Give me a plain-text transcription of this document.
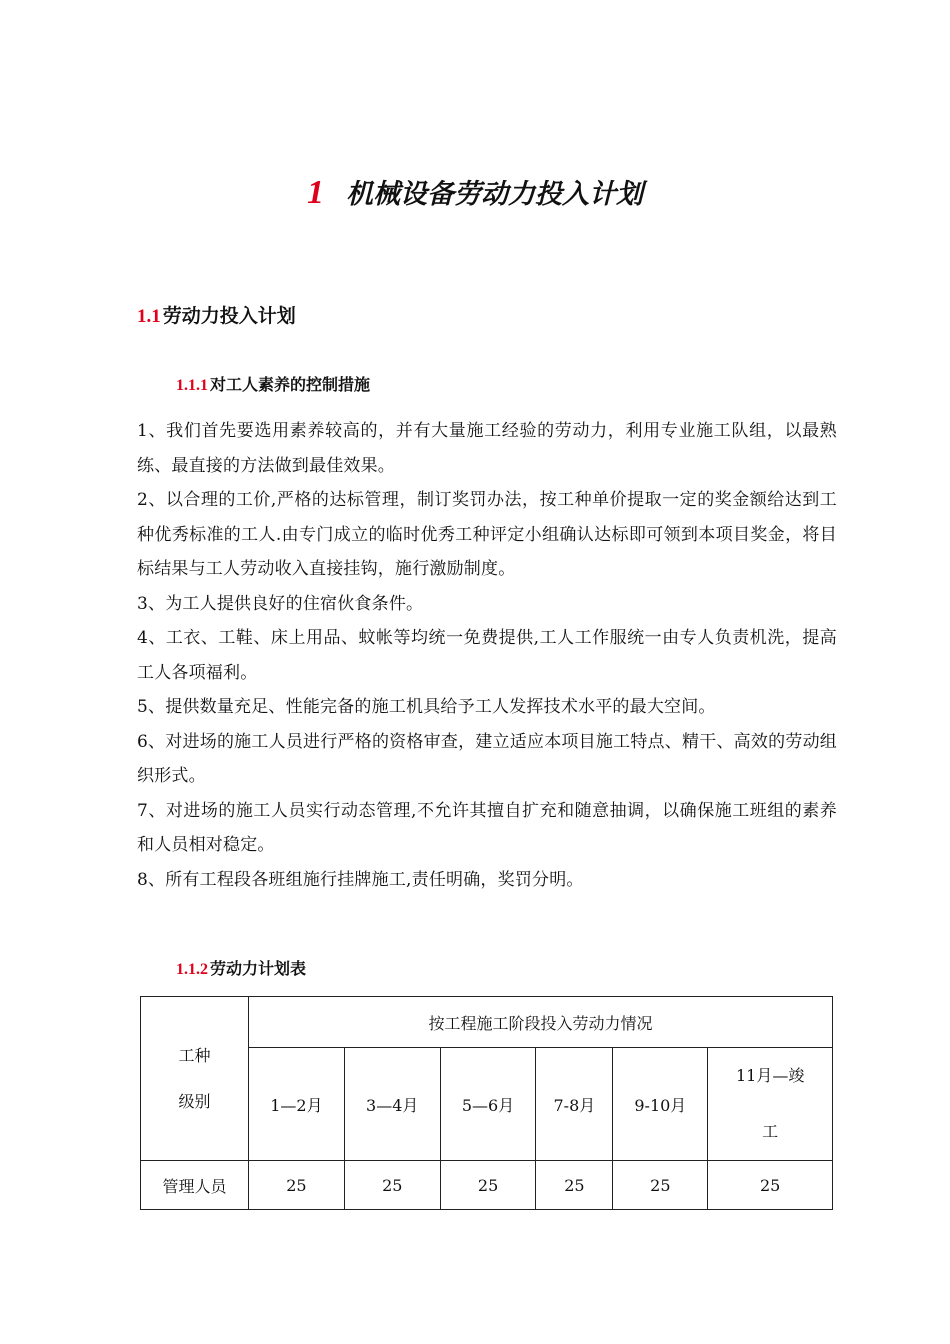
1 机械设备劳动力投入计划
1.1 劳动力投入计划
1.1.1 对工人素养的控制措施

1、我们首先要选用素养较高的，并有大量施工经验的劳动力，利用专业施工队组，以最熟练、最直接的方法做到最佳效果。

2、以合理的工价,严格的达标管理，制订奖罚办法，按工种单价提取一定的奖金额给达到工种优秀标准的工人.由专门成立的临时优秀工种评定小组确认达标即可领到本项目奖金，将目标结果与工人劳动收入直接挂钩，施行激励制度。

3、为工人提供良好的住宿伙食条件。

4、工衣、工鞋、床上用品、蚊帐等均统一免费提供,工人工作服统一由专人负责机洗，提高工人各项福利。

5、提供数量充足、性能完备的施工机具给予工人发挥技术水平的最大空间。

6、对进场的施工人员进行严格的资格审查，建立适应本项目施工特点、精干、高效的劳动组织形式。

7、对进场的施工人员实行动态管理,不允许其擅自扩充和随意抽调，以确保施工班组的素养和人员相对稳定。

8、所有工程段各班组施行挂牌施工,责任明确，奖罚分明。

1.1.2 劳动力计划表
工种
级别	按工程施工阶段投入劳动力情况					
	1—2月	3—4月	5—6月	7-8月	9-10月	11月—竣
工

管理人员	25	25	25	25	25	25
